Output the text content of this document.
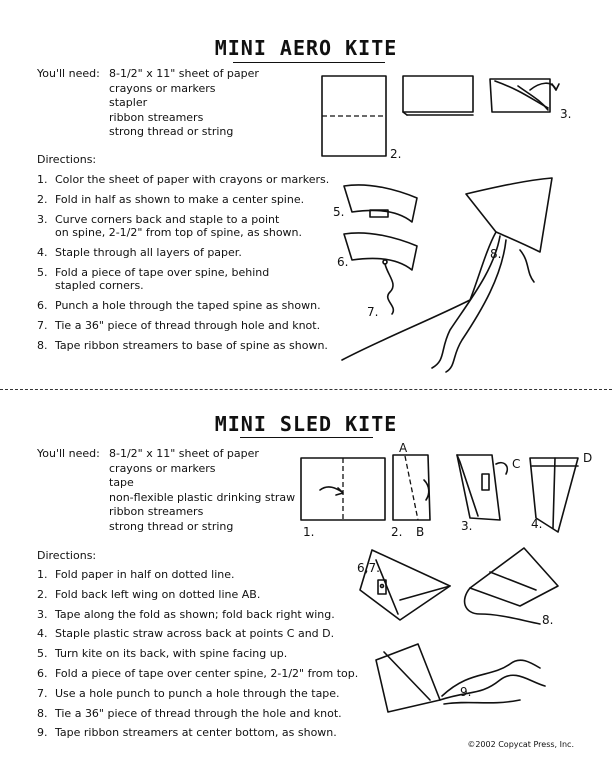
MINI AERO KITE
You'll need: 8-1/2" x 11" sheet of paper
crayons or markers
stapler
ribbon streamers
strong thread or string
Directions:
1. Color the sheet of paper with crayons or markers.
2. Fold in half as shown to make a center spine.
3. Curve corners back and staple to a point
on spine, 2-1/2" from top of spine, as shown.
4. Staple through all layers of paper.
5. Fold a piece of tape over spine, behind
stapled corners.
6. Punch a hole through the taped spine as shown.
7. Tie a 36" piece of thread through hole and knot.
8. Tape ribbon streamers to base of spine as shown.
2.
3.
5.
6.
7.
8.
MINI SLED KITE
You'll need: 8-1/2" x 11" sheet of paper
crayons or markers
tape
non-flexible plastic drinking straw
ribbon streamers
strong thread or string
Directions:
1. Fold paper in half on dotted line.
2. Fold back left wing on dotted line AB.
3. Tape along the fold as shown; fold back right wing.
4. Staple plastic straw across back at points C and D.
5. Turn kite on its back, with spine facing up.
6. Fold a piece of tape over center spine, 2-1/2" from top.
7. Use a hole punch to punch a hole through the tape.
8. Tie a 36" piece of thread through the hole and knot.
9. Tape ribbon streamers at center bottom, as shown.
1.
A
2. B
C
3.
D
4.
6,7.
8.
9.
©2002 Copycat Press, Inc.
